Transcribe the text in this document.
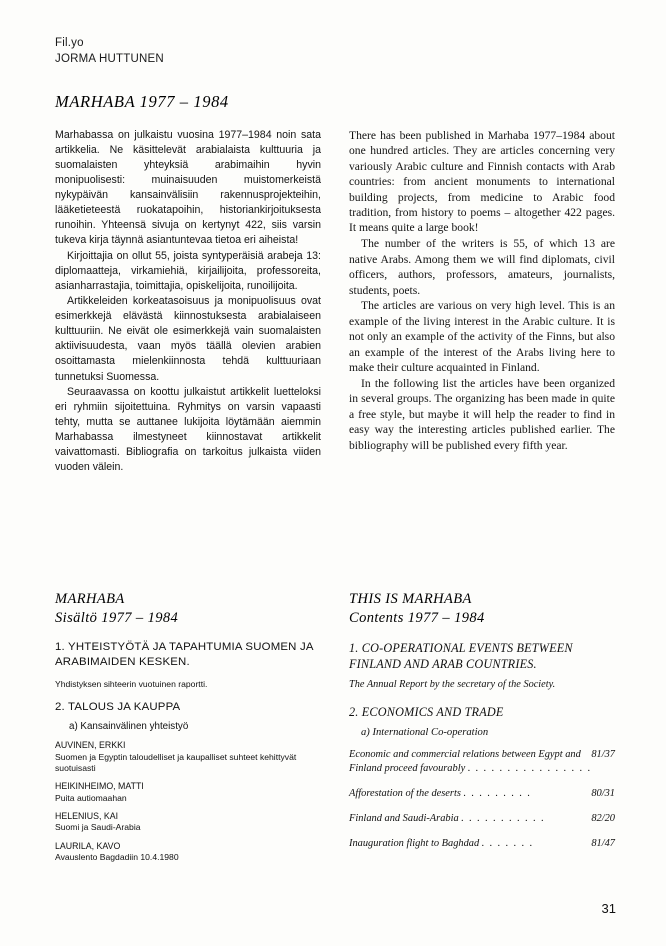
Fil.yo
JORMA HUTTUNEN
MARHABA 1977 – 1984

Marhabassa on julkaistu vuosina 1977–1984 noin sata artikkelia. Ne käsittelevät arabialaista kulttuuria ja suomalaisten yhteyksiä arabimaihin hyvin monipuolisesti: muinaisuuden muistomerkeistä nykypäivän kansainvälisiin rakennusprojekteihin, lääketieteestä ruokatapoihin, historiankirjoituksesta runoihin. Yhteensä sivuja on kertynyt 422, siis varsin tukeva kirja täynnä asiantuntevaa tietoa eri aiheista!

Kirjoittajia on ollut 55, joista syntyperäisiä arabeja 13: diplomaatteja, virkamiehiä, kirjailijoita, professoreita, asianharrastajia, toimittajia, opiskelijoita, runoilijoita.

Artikkeleiden korkeatasoisuus ja monipuolisuus ovat esimerkkejä elävästä kiinnostuksesta arabialaiseen kulttuuriin. Ne eivät ole esimerkkejä vain suomalaisten aktiivisuudesta, vaan myös täällä olevien arabien osoittamasta mielenkiinnosta tehdä kulttuuriaan tunnetuksi Suomessa.

Seuraavassa on koottu julkaistut artikkelit luetteloksi eri ryhmiin sijoitettuina. Ryhmitys on varsin vapaasti tehty, mutta se auttanee lukijoita löytämään aiemmin Marhabassa ilmestyneet kiinnostavat artikkelit vaivattomasti. Bibliografia on tarkoitus julkaista viiden vuoden välein.

There has been published in Marhaba 1977–1984 about one hundred articles. They are articles concerning very variously Arabic culture and Finnish contacts with Arab countries: from ancient monuments to international building projects, from medicine to Arabic food tradition, from history to poems – altogether 422 pages. It means quite a large book!

The number of the writers is 55, of which 13 are native Arabs. Among them we will find diplomats, civil officers, authors, professors, amateurs, journalists, students, poets.

The articles are various on very high level. This is an example of the living interest in the Arabic culture. It is not only an example of the activity of the Finns, but also an example of the interest of the Arabs living here to make their culture acquainted in Finland.

In the following list the articles have been organized in several groups. The organizing has been made in quite a free style, but maybe it will help the reader to find in easy way the interesting articles published earlier. The bibliography will be published every fifth year.

MARHABA
Sisältö 1977 – 1984
1. YHTEISTYÖTÄ JA TAPAHTUMIA SUOMEN JA ARABIMAIDEN KESKEN.
Yhdistyksen sihteerin vuotuinen raportti.
2. TALOUS JA KAUPPA
a) Kansainvälinen yhteistyö
AUVINEN, ERKKI
Suomen ja Egyptin taloudelliset ja kaupalliset suhteet kehittyvät suotuisasti
HEIKINHEIMO, MATTI
Puita autiomaahan
HELENIUS, KAI
Suomi ja Saudi-Arabia
LAURILA, KAVO
Avauslento Bagdadiin 10.4.1980
THIS IS MARHABA
Contents 1977 – 1984
1. CO-OPERATIONAL EVENTS BETWEEN FINLAND AND ARAB COUNTRIES.
The Annual Report by the secretary of the Society.
2. ECONOMICS AND TRADE
a) International Co-operation
81/37
Economic and commercial relations between Egypt and Finland proceed favourably . . . . . . . . . . . . . . . .
80/31
Afforestation of the deserts . . . . . . . . .
82/20
Finland and Saudi-Arabia . . . . . . . . . . .
81/47
Inauguration flight to Baghdad . . . . . . .
31
